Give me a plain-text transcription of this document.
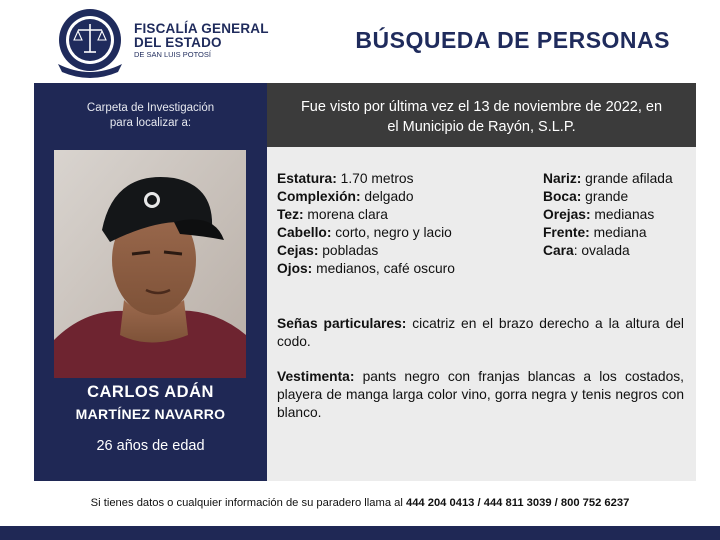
FISCALÍA GENERAL
DEL ESTADO
DE SAN LUIS POTOSÍ
BÚSQUEDA DE PERSONAS
Carpeta de Investigación
para localizar a:
CARLOS ADÁN
MARTÍNEZ NAVARRO
26 años de edad
Fue visto por última vez el 13 de noviembre de 2022, en
el Municipio de Rayón, S.L.P.
Estatura: 1.70 metros
Complexión: delgado
Tez: morena clara
Cabello: corto, negro y lacio
Cejas: pobladas
Ojos: medianos, café oscuro
Nariz: grande afilada
Boca: grande
Orejas: medianas
Frente: mediana
Cara: ovalada
Señas particulares: cicatriz en el brazo derecho a la altura del codo.
Vestimenta: pants negro con franjas blancas a los costados, playera de manga larga color vino, gorra negra y tenis negros con blanco.
Si tienes datos o cualquier información de su paradero llama al 444 204 0413 / 444 811 3039 / 800 752 6237
